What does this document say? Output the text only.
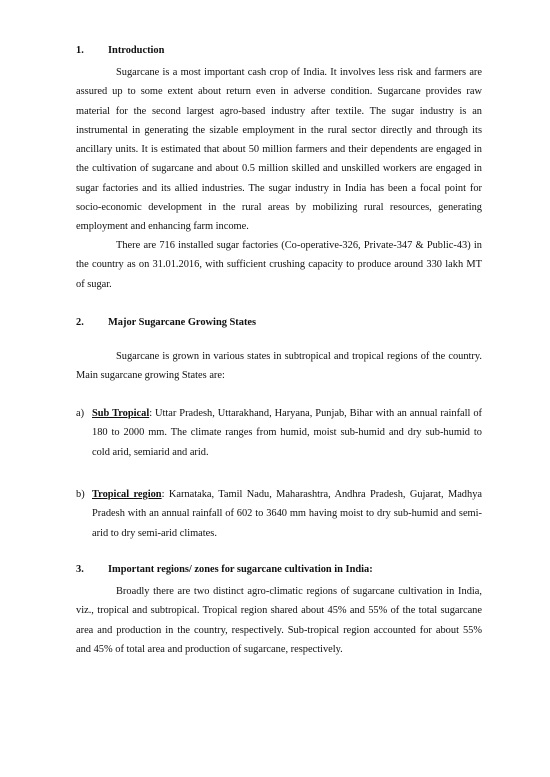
1. Introduction

Sugarcane is a most important cash crop of India. It involves less risk and farmers are assured up to some extent about return even in adverse condition. Sugarcane provides raw material for the second largest agro-based industry after textile. The sugar industry is an instrumental in generating the sizable employment in the rural sector directly and through its ancillary units. It is estimated that about 50 million farmers and their dependents are engaged in the cultivation of sugarcane and about 0.5 million skilled and unskilled workers are engaged in sugar factories and its allied industries. The sugar industry in India has been a focal point for socio-economic development in the rural areas by mobilizing rural resources, generating employment and enhancing farm income.

There are 716 installed sugar factories (Co-operative-326, Private-347 & Public-43) in the country as on 31.01.2016, with sufficient crushing capacity to produce around 330 lakh MT of sugar.

2. Major Sugarcane Growing States

Sugarcane is grown in various states in subtropical and tropical regions of the country. Main sugarcane growing States are:

a) Sub Tropical: Uttar Pradesh, Uttarakhand, Haryana, Punjab, Bihar with an annual rainfall of 180 to 2000 mm. The climate ranges from humid, moist sub-humid and dry sub-humid to cold arid, semiarid and arid.
b) Tropical region: Karnataka, Tamil Nadu, Maharashtra, Andhra Pradesh, Gujarat, Madhya Pradesh with an annual rainfall of 602 to 3640 mm having moist to dry sub-humid and semi-arid to dry semi-arid climates.
3. Important regions/ zones for sugarcane cultivation in India:

Broadly there are two distinct agro-climatic regions of sugarcane cultivation in India, viz., tropical and subtropical. Tropical region shared about 45% and 55% of the total sugarcane area and production in the country, respectively. Sub-tropical region accounted for about 55% and 45% of total area and production of sugarcane, respectively.
